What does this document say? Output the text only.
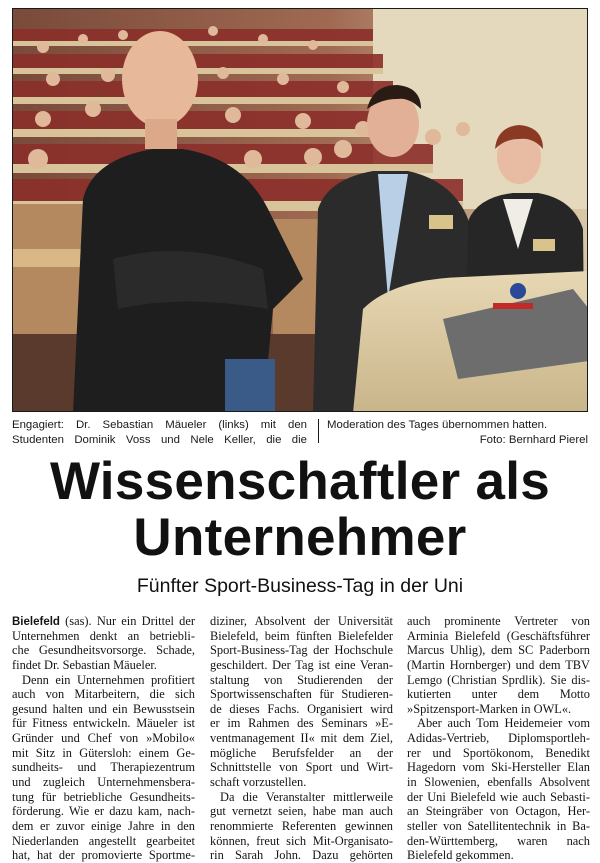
Engagiert: Dr. Sebastian Mäueler (links) mit den
Studenten Dominik Voss und Nele Keller, die die
Moderation des Tages übernommen hatten.
Foto: Bernhard Pierel
Wissenschaftler als
Unternehmer
Fünfter Sport-Business-Tag in der Uni
Bielefeld (sas). Nur ein Drittel der
Unternehmen denkt an betriebli-
che Gesundheitsvorsorge. Schade,
findet Dr. Sebastian Mäueler.
Denn ein Unternehmen profitiert
auch von Mitarbeitern, die sich
gesund halten und ein Bewusstsein
für Fitness entwickeln. Mäueler ist
Gründer und Chef von »Mobilo«
mit Sitz in Gütersloh: einem Ge-
sundheits- und Therapiezentrum
und zugleich Unternehmensbera-
tung für betriebliche Gesundheits-
förderung. Wie er dazu kam, nach-
dem er zuvor einige Jahre in den
Niederlanden angestellt gearbeitet
hat, hat der promovierte Sportme-
diziner, Absolvent der Universität
Bielefeld, beim fünften Bielefelder
Sport-Business-Tag der Hochschule
geschildert. Der Tag ist eine Veran-
staltung von Studierenden der
Sportwissenschaften für Studieren-
de dieses Fachs. Organisiert wird
er im Rahmen des Seminars »E-
ventmanagement II« mit dem Ziel,
mögliche Berufsfelder an der
Schnittstelle von Sport und Wirt-
schaft vorzustellen.
Da die Veranstalter mittlerweile
gut vernetzt seien, habe man auch
renommierte Referenten gewinnen
können, freut sich Mit-Organisato-
rin Sarah John. Dazu gehörten
auch prominente Vertreter von
Arminia Bielefeld (Geschäftsführer
Marcus Uhlig), dem SC Paderborn
(Martin Hornberger) und dem TBV
Lemgo (Christian Sprdlik). Sie dis-
kutierten unter dem Motto
»Spitzensport-Marken in OWL«.
Aber auch Tom Heidemeier vom
Adidas-Vertrieb, Diplomsportleh-
rer und Sportökonom, Benedikt
Hagedorn vom Ski-Hersteller Elan
in Slowenien, ebenfalls Absolvent
der Uni Bielefeld wie auch Sebasti-
an Steingräber von Octagon, Her-
steller von Satellitentechnik in Ba-
den-Württemberg, waren nach
Bielefeld gekommen.
